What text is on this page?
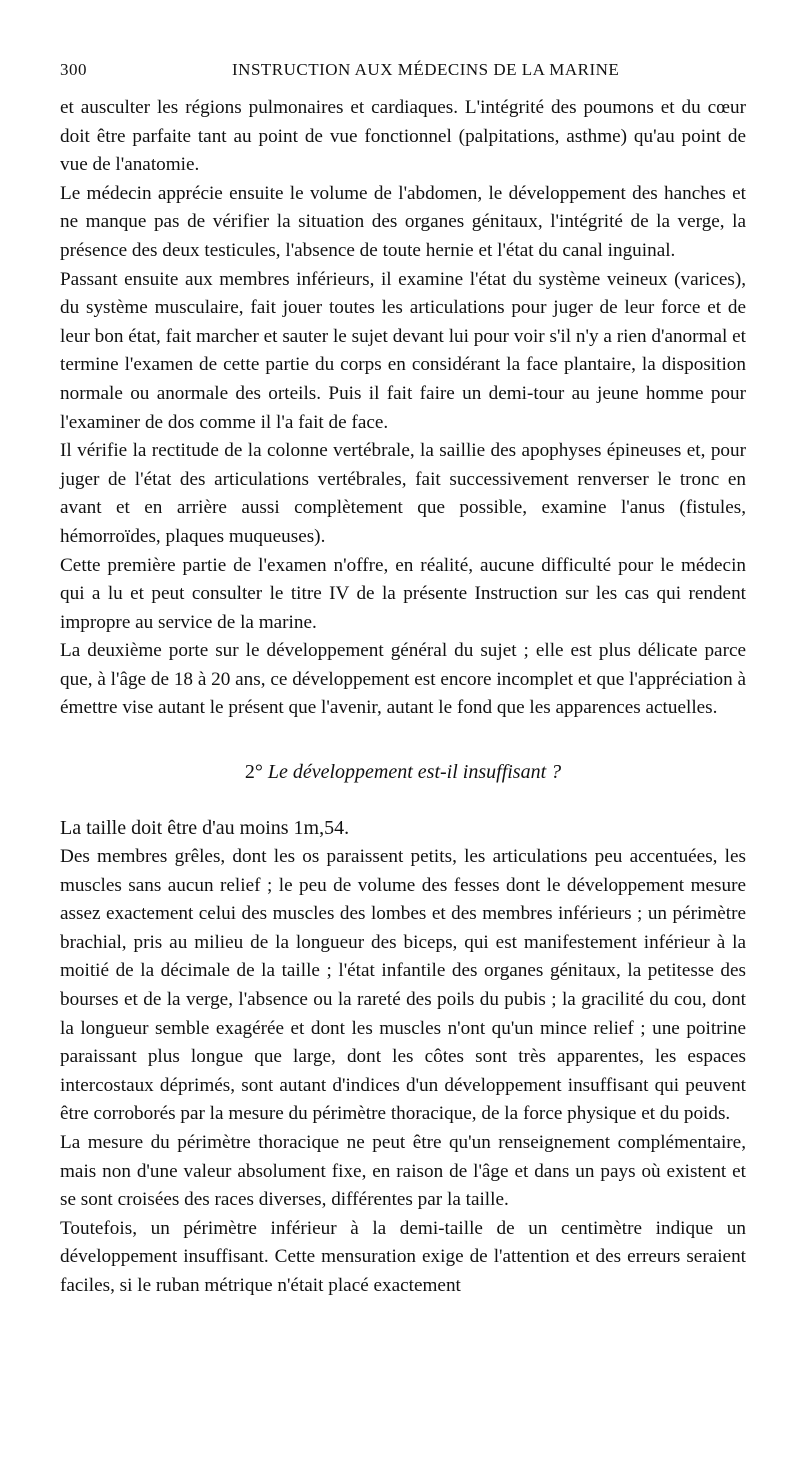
300	INSTRUCTION AUX MÉDECINS DE LA MARINE

et ausculter les régions pulmonaires et cardiaques. L'intégrité des poumons et du cœur doit être parfaite tant au point de vue fonctionnel (palpitations, asthme) qu'au point de vue de l'anatomie.

Le médecin apprécie ensuite le volume de l'abdomen, le développement des hanches et ne manque pas de vérifier la situation des organes génitaux, l'intégrité de la verge, la présence des deux testicules, l'absence de toute hernie et l'état du canal inguinal.

Passant ensuite aux membres inférieurs, il examine l'état du système veineux (varices), du système musculaire, fait jouer toutes les articulations pour juger de leur force et de leur bon état, fait marcher et sauter le sujet devant lui pour voir s'il n'y a rien d'anormal et termine l'examen de cette partie du corps en considérant la face plantaire, la disposition normale ou anormale des orteils. Puis il fait faire un demi-tour au jeune homme pour l'examiner de dos comme il l'a fait de face.

Il vérifie la rectitude de la colonne vertébrale, la saillie des apophyses épineuses et, pour juger de l'état des articulations vertébrales, fait successivement renverser le tronc en avant et en arrière aussi complètement que possible, examine l'anus (fistules, hémorroïdes, plaques muqueuses).

Cette première partie de l'examen n'offre, en réalité, aucune difficulté pour le médecin qui a lu et peut consulter le titre IV de la présente Instruction sur les cas qui rendent impropre au service de la marine.

La deuxième porte sur le développement général du sujet ; elle est plus délicate parce que, à l'âge de 18 à 20 ans, ce développement est encore incomplet et que l'appréciation à émettre vise autant le présent que l'avenir, autant le fond que les apparences actuelles.

2° Le développement est-il insuffisant ?

La taille doit être d'au moins 1m,54.

Des membres grêles, dont les os paraissent petits, les articulations peu accentuées, les muscles sans aucun relief ; le peu de volume des fesses dont le développement mesure assez exactement celui des muscles des lombes et des membres inférieurs ; un périmètre brachial, pris au milieu de la longueur des biceps, qui est manifestement inférieur à la moitié de la décimale de la taille ; l'état infantile des organes génitaux, la petitesse des bourses et de la verge, l'absence ou la rareté des poils du pubis ; la gracilité du cou, dont la longueur semble exagérée et dont les muscles n'ont qu'un mince relief ; une poitrine paraissant plus longue que large, dont les côtes sont très apparentes, les espaces intercostaux déprimés, sont autant d'indices d'un développement insuffisant qui peuvent être corroborés par la mesure du périmètre thoracique, de la force physique et du poids.

La mesure du périmètre thoracique ne peut être qu'un renseignement complémentaire, mais non d'une valeur absolument fixe, en raison de l'âge et dans un pays où existent et se sont croisées des races diverses, différentes par la taille.

Toutefois, un périmètre inférieur à la demi-taille de un centimètre indique un développement insuffisant. Cette mensuration exige de l'attention et des erreurs seraient faciles, si le ruban métrique n'était placé exactement
